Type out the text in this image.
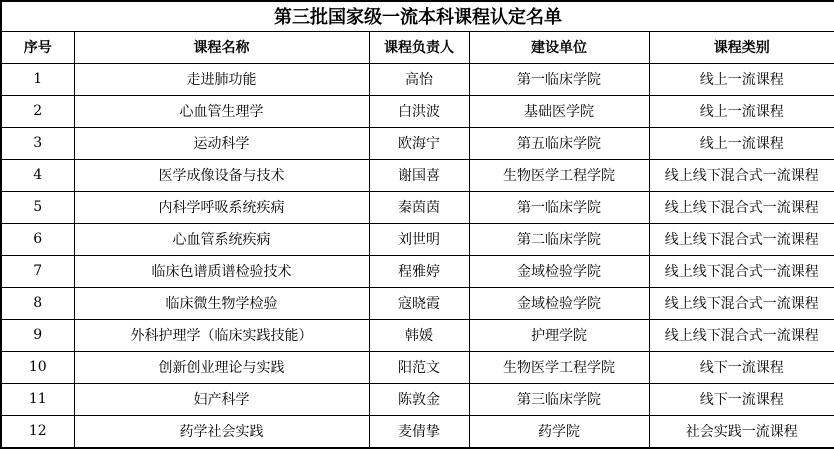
第三批国家级一流本科课程认定名单				
序号	课程名称	课程负责人	建设单位	课程类别
1	走进肺功能	高怡	第一临床学院	线上一流课程
2	心血管生理学	白洪波	基础医学院	线上一流课程
3	运动科学	欧海宁	第五临床学院	线上一流课程
4	医学成像设备与技术	谢国喜	生物医学工程学院	线上线下混合式一流课程
5	内科学呼吸系统疾病	秦茵茵	第一临床学院	线上线下混合式一流课程
6	心血管系统疾病	刘世明	第二临床学院	线上线下混合式一流课程
7	临床色谱质谱检验技术	程雅婷	金域检验学院	线上线下混合式一流课程
8	临床微生物学检验	寇晓霞	金域检验学院	线上线下混合式一流课程
9	外科护理学（临床实践技能）	韩媛	护理学院	线上线下混合式一流课程
10	创新创业理论与实践	阳范文	生物医学工程学院	线下一流课程
11	妇产科学	陈敦金	第三临床学院	线下一流课程
12	药学社会实践	麦倩挚	药学院	社会实践一流课程
